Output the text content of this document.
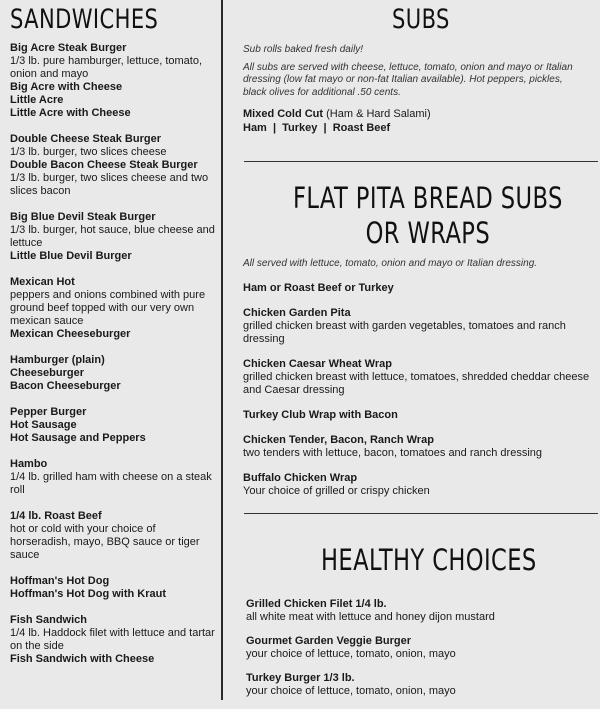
SANDWICHES
Big Acre Steak Burger
1/3 lb. pure hamburger, lettuce, tomato, onion and mayo
Big Acre with Cheese
Little Acre
Little Acre with Cheese
Double Cheese Steak Burger
1/3 lb. burger, two slices cheese
Double Bacon Cheese Steak Burger
1/3 lb. burger, two slices cheese and two slices bacon
Big Blue Devil Steak Burger
1/3 lb. burger, hot sauce, blue cheese and lettuce
Little Blue Devil Burger
Mexican Hot
peppers and onions combined with pure ground beef topped with our very own mexican sauce
Mexican Cheeseburger
Hamburger (plain)
Cheeseburger
Bacon Cheeseburger
Pepper Burger
Hot Sausage
Hot Sausage and Peppers
Hambo
1/4 lb. grilled ham with cheese on a steak roll
1/4 lb. Roast Beef
hot or cold with your choice of horseradish, mayo, BBQ sauce or tiger sauce
Hoffman's Hot Dog
Hoffman's Hot Dog with Kraut
Fish Sandwich
1/4 lb. Haddock filet with lettuce and tartar on the side
Fish Sandwich with Cheese
SUBS
Sub rolls baked fresh daily!
All subs are served with cheese, lettuce, tomato, onion and mayo or Italian dressing (low fat mayo or non-fat Italian available). Hot peppers, pickles, black olives for additional .50 cents.
Mixed Cold Cut (Ham & Hard Salami)
Ham  |  Turkey  |  Roast Beef
FLAT PITA BREAD SUBS
OR WRAPS
All served with lettuce, tomato, onion and mayo or Italian dressing.
Ham or Roast Beef or Turkey
Chicken Garden Pita
grilled chicken breast with garden vegetables, tomatoes and ranch dressing
Chicken Caesar Wheat Wrap
grilled chicken breast with lettuce, tomatoes, shredded cheddar cheese and Caesar dressing
Turkey Club Wrap with Bacon
Chicken Tender, Bacon, Ranch Wrap
two tenders with lettuce, bacon, tomatoes and ranch dressing
Buffalo Chicken Wrap
Your choice of grilled or crispy chicken
HEALTHY CHOICES
Grilled Chicken Filet 1/4 lb.
all white meat with lettuce and honey dijon mustard
Gourmet Garden Veggie Burger
your choice of lettuce, tomato, onion, mayo
Turkey Burger 1/3 lb.
your choice of lettuce, tomato, onion, mayo
